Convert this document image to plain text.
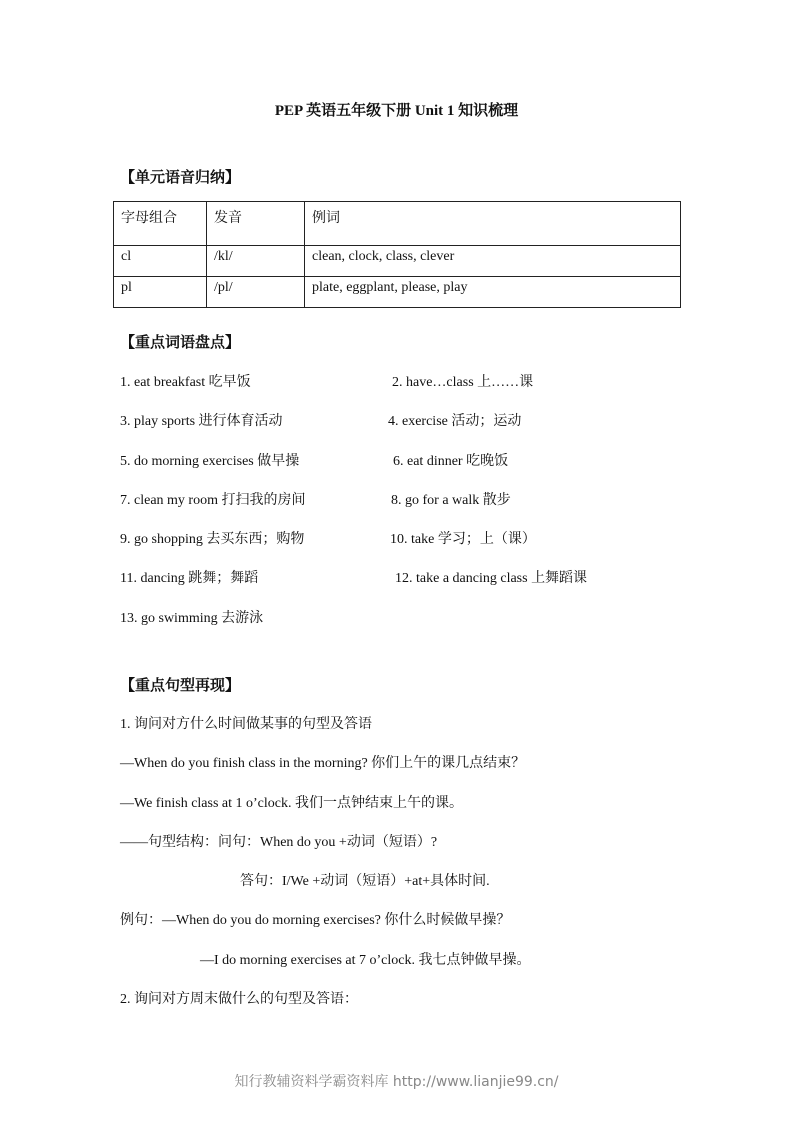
PEP 英语五年级下册 Unit 1 知识梳理
【单元语音归纳】
字母组合	发音	例词
cl	/kl/	clean, clock, class, clever
pl	/pl/	plate, eggplant, please, play
【重点词语盘点】
1. eat breakfast 吃早饭	2. have…class 上……课
3. play sports 进行体育活动	4. exercise 活动；运动
5. do morning exercises 做早操	6. eat dinner 吃晚饭
7. clean my room 打扫我的房间	8. go for a walk 散步
9. go shopping 去买东西；购物	10. take 学习；上（课）
11. dancing 跳舞；舞蹈	12. take a dancing class 上舞蹈课
13. go swimming 去游泳
【重点句型再现】
1. 询问对方什么时间做某事的句型及答语
—When do you finish class in the morning? 你们上午的课几点结束？
—We finish class at 1 o’clock. 我们一点钟结束上午的课。
——句型结构：问句：When do you +动词（短语）?
答句：I/We +动词（短语）+at+具体时间.
例句：—When do you do morning exercises? 你什么时候做早操？
—I do morning exercises at 7 o’clock. 我七点钟做早操。
2. 询问对方周末做什么的句型及答语：
知行教辅资料学霸资料库 http://www.lianjie99.cn/
